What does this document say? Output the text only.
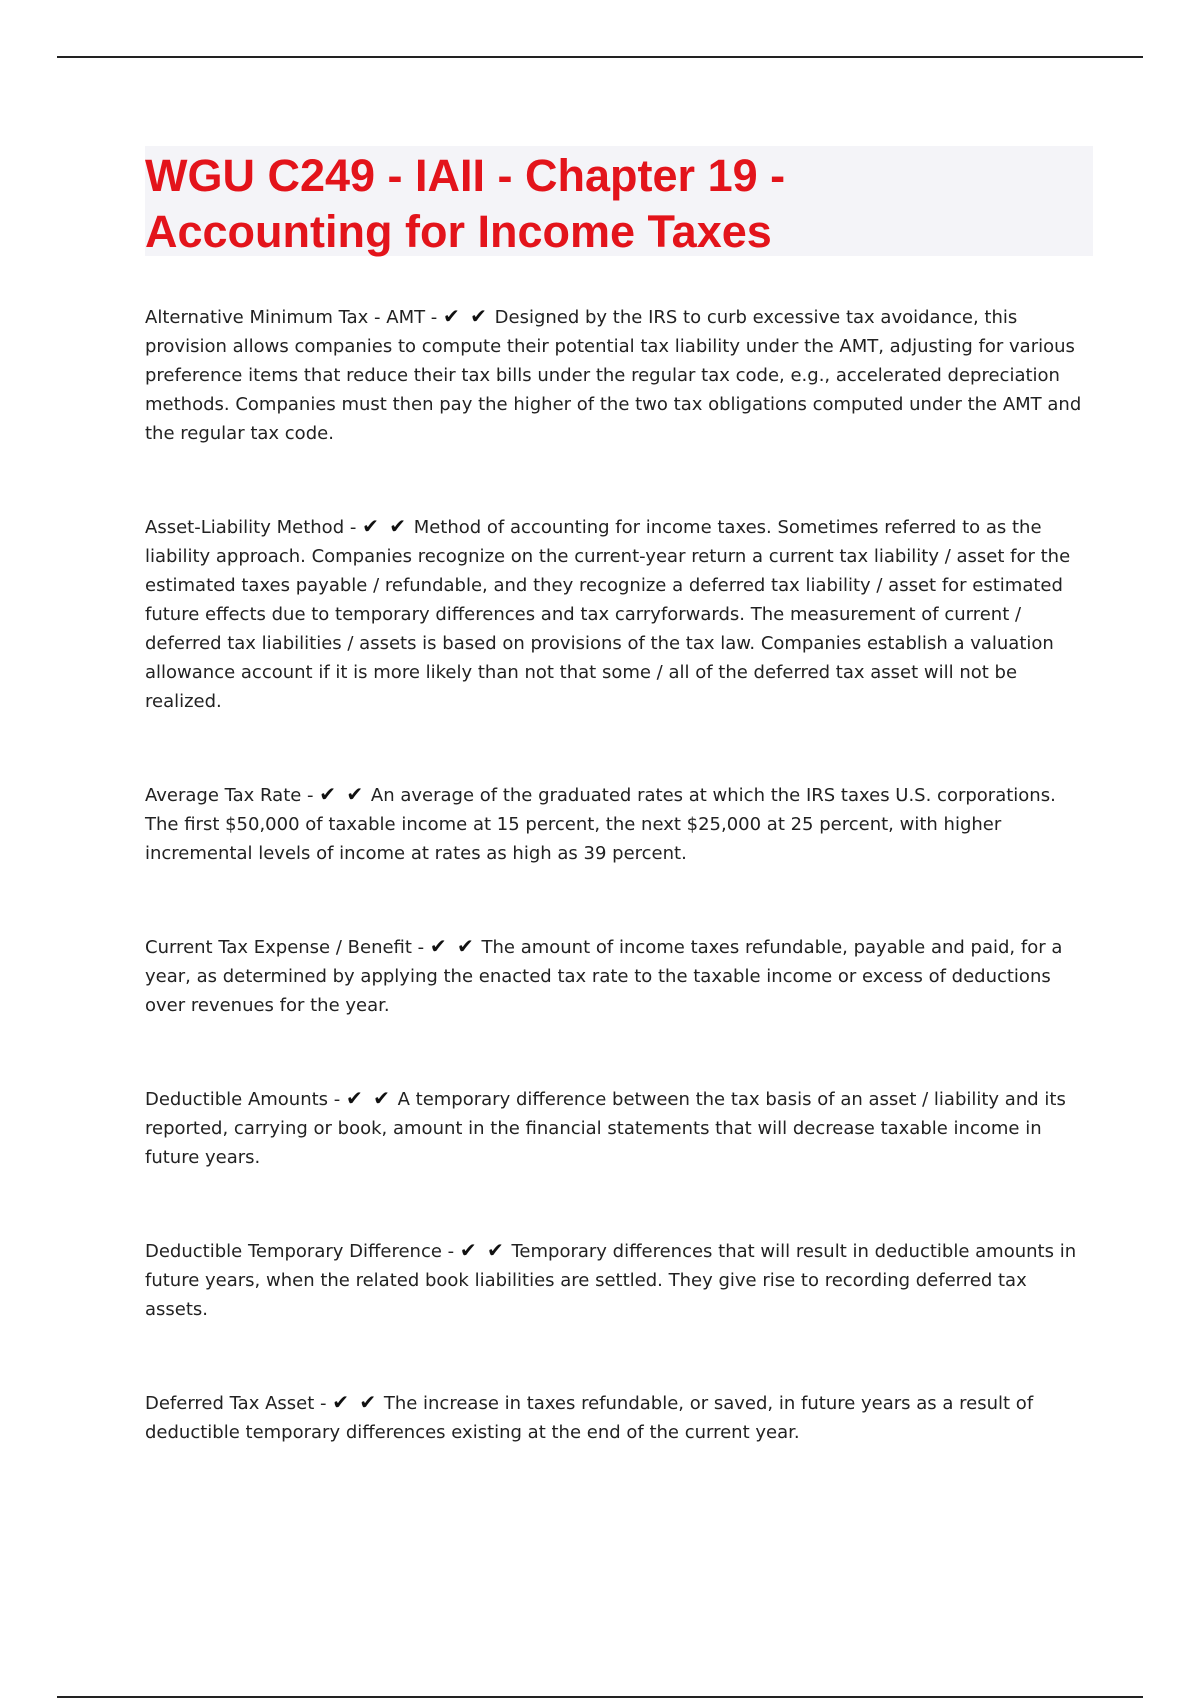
WGU C249 - IAII - Chapter 19 -
Accounting for Income Taxes

Alternative Minimum Tax - AMT - ✔ ✔ Designed by the IRS to curb excessive tax avoidance, this provision allows companies to compute their potential tax liability under the AMT, adjusting for various preference items that reduce their tax bills under the regular tax code, e.g., accelerated depreciation methods. Companies must then pay the higher of the two tax obligations computed under the AMT and the regular tax code.

Asset-Liability Method - ✔ ✔ Method of accounting for income taxes. Sometimes referred to as the liability approach. Companies recognize on the current-year return a current tax liability / asset for the estimated taxes payable / refundable, and they recognize a deferred tax liability / asset for estimated future effects due to temporary differences and tax carryforwards. The measurement of current / deferred tax liabilities / assets is based on provisions of the tax law. Companies establish a valuation allowance account if it is more likely than not that some / all of the deferred tax asset will not be realized.

Average Tax Rate - ✔ ✔ An average of the graduated rates at which the IRS taxes U.S. corporations. The first $50,000 of taxable income at 15 percent, the next $25,000 at 25 percent, with higher incremental levels of income at rates as high as 39 percent.

Current Tax Expense / Benefit - ✔ ✔ The amount of income taxes refundable, payable and paid, for a year, as determined by applying the enacted tax rate to the taxable income or excess of deductions over revenues for the year.

Deductible Amounts - ✔ ✔ A temporary difference between the tax basis of an asset / liability and its reported, carrying or book, amount in the financial statements that will decrease taxable income in future years.

Deductible Temporary Difference - ✔ ✔ Temporary differences that will result in deductible amounts in future years, when the related book liabilities are settled. They give rise to recording deferred tax assets.

Deferred Tax Asset - ✔ ✔ The increase in taxes refundable, or saved, in future years as a result of deductible temporary differences existing at the end of the current year.
